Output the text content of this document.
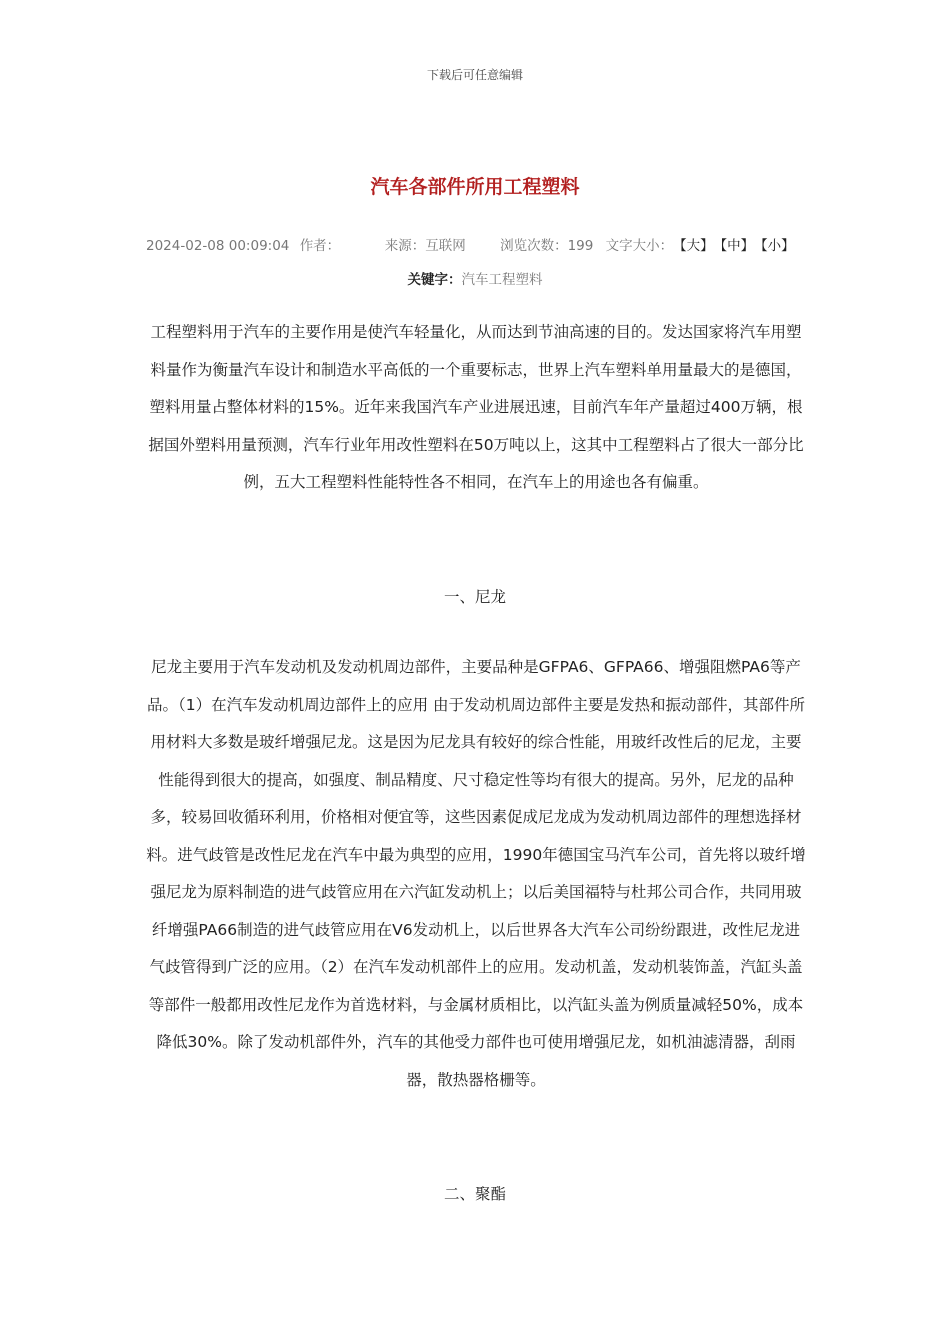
下载后可任意编辑
汽车各部件所用工程塑料
2024-02-08 00:09:04 作者：	来源：互联网	浏览次数：199 文字大小：【大】【中】【小】
关键字：汽车工程塑料
工程塑料用于汽车的主要作用是使汽车轻量化，从而达到节油高速的目的。发达国家将汽车用塑料量作为衡量汽车设计和制造水平高低的一个重要标志，世界上汽车塑料单用量最大的是德国，塑料用量占整体材料的15%。近年来我国汽车产业进展迅速，目前汽车年产量超过400万辆，根据国外塑料用量预测，汽车行业年用改性塑料在50万吨以上，这其中工程塑料占了很大一部分比例，五大工程塑料性能特性各不相同，在汽车上的用途也各有偏重。
一、尼龙
尼龙主要用于汽车发动机及发动机周边部件，主要品种是GFPA6、GFPA66、增强阻燃PA6等产品。（1）在汽车发动机周边部件上的应用 由于发动机周边部件主要是发热和振动部件，其部件所用材料大多数是玻纤增强尼龙。这是因为尼龙具有较好的综合性能，用玻纤改性后的尼龙，主要性能得到很大的提高，如强度、制品精度、尺寸稳定性等均有很大的提高。另外，尼龙的品种多，较易回收循环利用，价格相对便宜等，这些因素促成尼龙成为发动机周边部件的理想选择材料。进气歧管是改性尼龙在汽车中最为典型的应用，1990年德国宝马汽车公司，首先将以玻纤增强尼龙为原料制造的进气歧管应用在六汽缸发动机上；以后美国福特与杜邦公司合作，共同用玻纤增强PA66制造的进气歧管应用在V6发动机上，以后世界各大汽车公司纷纷跟进，改性尼龙进气歧管得到广泛的应用。（2）在汽车发动机部件上的应用。发动机盖，发动机装饰盖，汽缸头盖等部件一般都用改性尼龙作为首选材料，与金属材质相比，以汽缸头盖为例质量减轻50%，成本降低30%。除了发动机部件外，汽车的其他受力部件也可使用增强尼龙，如机油滤清器，刮雨器，散热器格栅等。
二、聚酯
